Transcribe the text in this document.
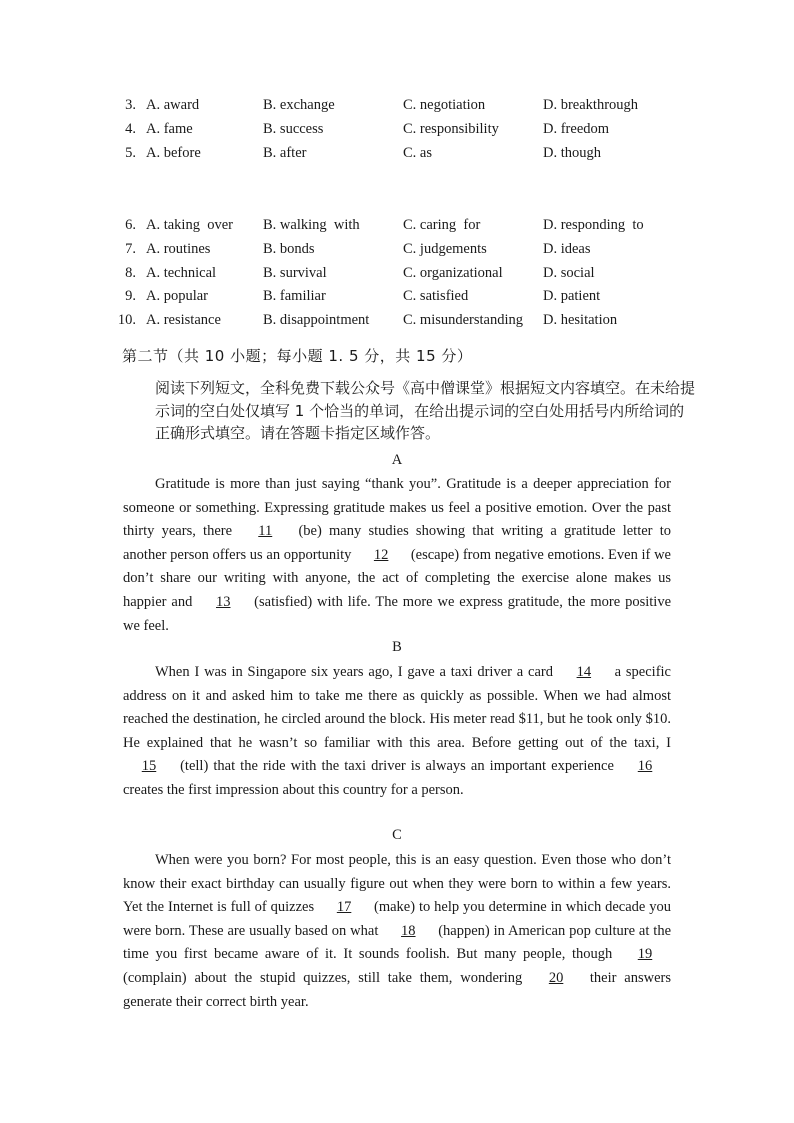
3. A. award	B. exchange	C. negotiation	D. breakthrough
4. A. fame	B. success	C. responsibility	D. freedom
5. A. before	B. after	C. as	D. though
6. A. taking  over B. walking  with	C. caring  for	D. responding  to
7. A. routines	B. bonds	C. judgements	D. ideas
8. A. technical	B. survival	C. organizational	D. social
9. A. popular	B. familiar	C. satisfied	D. patient
10. A. resistance	B. disappointment C. misunderstanding D. hesitation
第二节（共 10 小题；每小题 1. 5 分，共 15 分）
阅读下列短文，全科免费下载公众号《高中僧课堂》根据短文内容填空。在未给提示词的空白处仅填写 1 个恰当的单词，在给出提示词的空白处用括号内所给词的正确形式填空。请在答题卡指定区域作答。
A
Gratitude is more than just saying “thank you”. Gratitude is a deeper appreciation for someone or something. Expressing gratitude makes us feel a positive emotion. Over the past thirty years, there 11 (be) many studies showing that writing a gratitude letter to another person offers us an opportunity 12 (escape) from negative emotions. Even if we don’t share our writing with anyone, the act of completing the exercise alone makes us happier and 13 (satisfied) with life. The more we express gratitude, the more positive we feel.
B
When I was in Singapore six years ago, I gave a taxi driver a card 14 a specific address on it and asked him to take me there as quickly as possible. When we had almost reached the destination, he circled around the block. His meter read $11, but he took only $10. He explained that he wasn’t so familiar with this area. Before getting out of the taxi, I 15 (tell) that the ride with the taxi driver is always an important experience 16 creates the first impression about this country for a person.
C
When were you born? For most people, this is an easy question. Even those who don’t know their exact birthday can usually figure out when they were born to within a few years. Yet the Internet is full of quizzes 17 (make) to help you determine in which decade you were born. These are usually based on what 18 (happen) in American pop culture at the time you first became aware of it. It sounds foolish. But many people, though 19 (complain) about the stupid quizzes, still take them, wondering 20 their answers generate their correct birth year.
